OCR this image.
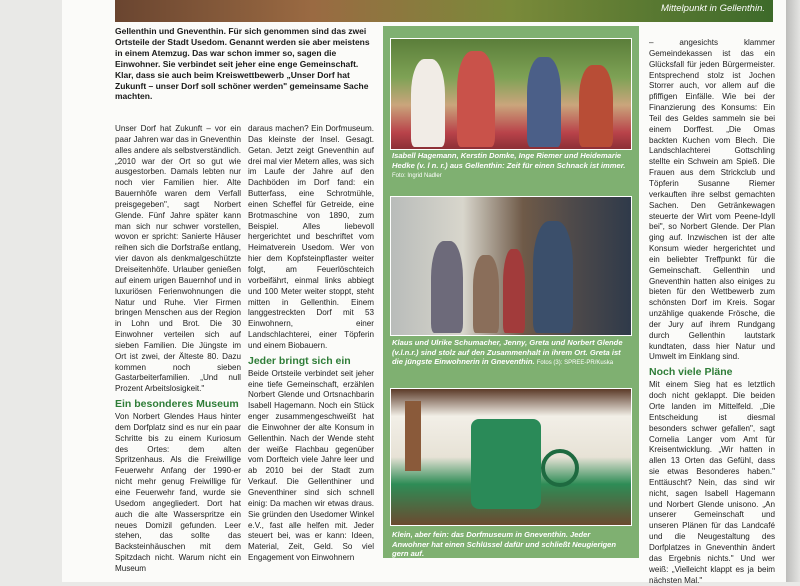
Mittelpunkt in Gellenthin.
Gellenthin und Gneventhin. Für sich genommen sind das zwei Ortsteile der Stadt Usedom. Genannt werden sie aber meistens in einem Atemzug. Das war schon immer so, sagen die Einwohner. Sie verbindet seit jeher eine enge Gemeinschaft. Klar, dass sie auch beim Kreiswettbewerb „Unser Dorf hat Zukunft – unser Dorf soll schöner werden" gemeinsame Sache machten.

Unser Dorf hat Zukunft – vor ein paar Jahren war das in Gneventhin alles andere als selbstverständlich. „2010 war der Ort so gut wie ausgestorben. Damals lebten nur noch vier Familien hier. Alte Bauernhöfe waren dem Verfall preisgegeben", sagt Norbert Glende. Fünf Jahre später kann man sich nur schwer vorstellen, wovon er spricht: Sanierte Häuser reihen sich die Dorfstraße entlang, vier davon als denkmalgeschützte Dreiseitenhöfe. Urlauber genießen auf einem urigen Bauernhof und in luxuriösen Ferienwohnungen die Natur und Ruhe. Vier Firmen bringen Menschen aus der Region in Lohn und Brot. Die 30 Einwohner verteilen sich auf sieben Familien. Die Jüngste im Ort ist zwei, der Älteste 80. Dazu kommen noch sieben Gastarbeiterfamilien. „Und null Prozent Arbeitslosigkeit."

Ein besonderes Museum

Von Norbert Glendes Haus hinter dem Dorfplatz sind es nur ein paar Schritte bis zu einem Kuriosum des Ortes: dem alten Spritzenhaus. Als die Freiwillige Feuerwehr Anfang der 1990-er nicht mehr genug Freiwillige für eine Feuerwehr fand, wurde sie Usedom angegliedert. Dort hat auch die alte Wasserspritze ein neues Domizil gefunden. Leer stehen, das sollte das Backsteinhäuschen mit dem Spitzdach nicht. Warum nicht ein Museum

daraus machen? Ein Dorfmuseum. Das kleinste der Insel. Gesagt. Getan. Jetzt zeigt Gneventhin auf drei mal vier Metern alles, was sich im Laufe der Jahre auf den Dachböden im Dorf fand: ein Butterfass, eine Schrotmühle, einen Scheffel für Getreide, eine Brotmaschine von 1890, zum Beispiel. Alles liebevoll hergerichtet und beschriftet vom Heimatverein Usedom. Wer von hier dem Kopfsteinpflaster weiter folgt, am Feuerlöschteich vorbeifährt, einmal links abbiegt und 100 Meter weiter stoppt, steht mitten in Gellenthin. Einem langgestreckten Dorf mit 53 Einwohnern, einer Landschlachterei, einer Töpferin und einem Biobauern.

Jeder bringt sich ein

Beide Ortsteile verbindet seit jeher eine tiefe Gemeinschaft, erzählen Norbert Glende und Ortsnachbarin Isabell Hagemann. Noch ein Stück enger zusammengeschweißt hat die Einwohner der alte Konsum in Gellenthin. Nach der Wende steht der weiße Flachbau gegenüber vom Dorfteich viele Jahre leer und ab 2010 bei der Stadt zum Verkauf. Die Gellenthiner und Gneventhiner sind sich schnell einig: Da machen wir etwas draus. Sie gründen den Usedomer Winkel e.V., fast alle helfen mit. Jeder steuert bei, was er kann: Ideen, Material, Zeit, Geld. So viel Engagement von Einwohnern

Isabell Hagemann, Kerstin Domke, Inge Riemer und Heidemarie Hedke (v. l n. r.) aus Gellenthin: Zeit für einen Schnack ist immer. Foto: Ingrid Nadler
Klaus und Ulrike Schumacher, Jenny, Greta und Norbert Glende (v.l.n.r.) sind stolz auf den Zusammenhalt in ihrem Ort. Greta ist die jüngste Einwohnerin in Gneventhin. Fotos (3): SPREE-PR/Kuska
Klein, aber fein: das Dorfmuseum in Gneventhin. Jeder Anwohner hat einen Schlüssel dafür und schließt Neugierigen gern auf.

– angesichts klammer Gemeindekassen ist das ein Glücksfall für jeden Bürgermeister. Entsprechend stolz ist Jochen Storrer auch, vor allem auf die pfiffigen Einfälle. Wie bei der Finanzierung des Konsums: Ein Teil des Geldes sammeln sie bei einem Dorffest. „Die Omas backten Kuchen vom Blech. Die Landschlachterei Gottschling stellte ein Schwein am Spieß. Die Frauen aus dem Strickclub und Töpferin Susanne Riemer verkauften ihre selbst gemachten Sachen. Den Getränkewagen steuerte der Wirt vom Peene-Idyll bei", so Norbert Glende. Der Plan ging auf. Inzwischen ist der alte Konsum wieder hergerichtet und ein beliebter Treffpunkt für die Gemeinschaft. Gellenthin und Gneventhin hatten also einiges zu bieten für den Wettbewerb zum schönsten Dorf im Kreis. Sogar unzählige quakende Frösche, die der Jury auf ihrem Rundgang durch Gellenthin lautstark kundtaten, dass hier Natur und Umwelt im Einklang sind.

Noch viele Pläne

Mit einem Sieg hat es letztlich doch nicht geklappt. Die beiden Orte landen im Mittelfeld. „Die Entscheidung ist diesmal besonders schwer gefallen", sagt Cornelia Langer vom Amt für Kreisentwicklung. „Wir hatten in allen 13 Orten das Gefühl, dass sie etwas Besonderes haben." Enttäuscht? Nein, das sind wir nicht, sagen Isabell Hagemann und Norbert Glende unisono. „An unserer Gemeinschaft und unseren Plänen für das Landcafé und die Neugestaltung des Dorfplatzes in Gneventhin ändert das Ergebnis nichts." Und wer weiß: „Vielleicht klappt es ja beim nächsten Mal."
